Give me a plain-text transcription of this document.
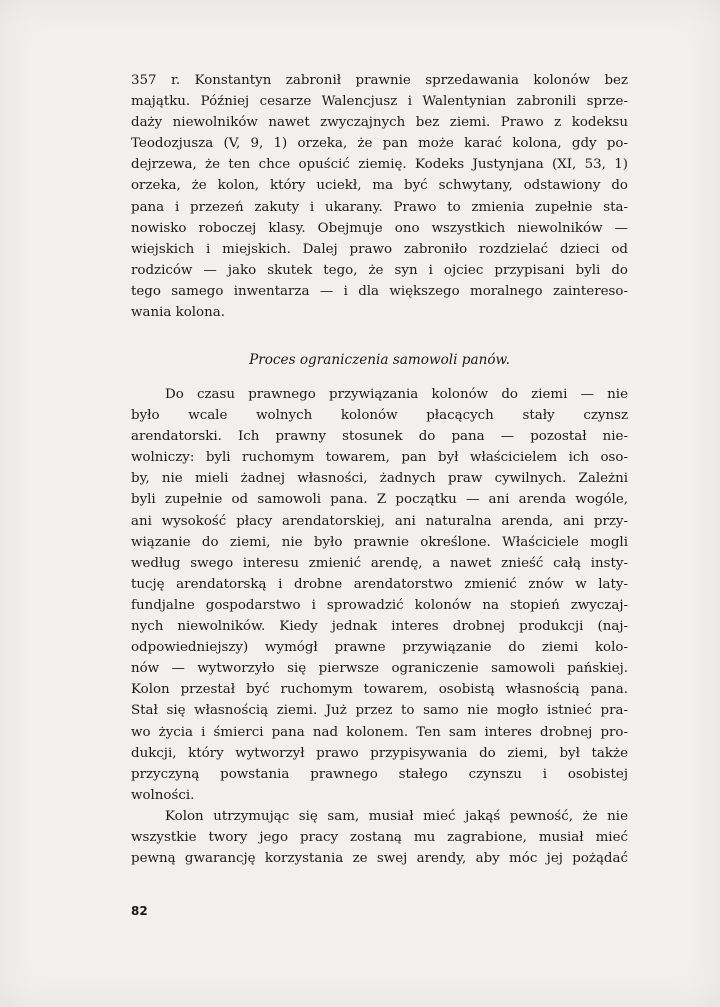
357 r. Konstantyn zabronił prawnie sprzedawania kolonów bez
majątku. Później cesarze Walencjusz i Walentynian zabronili sprze-
daży niewolników nawet zwyczajnych bez ziemi. Prawo z kodeksu
Teodozjusza (V, 9, 1) orzeka, że pan może karać kolona, gdy po-
dejrzewa, że ten chce opuścić ziemię. Kodeks Justynjana (XI, 53, 1)
orzeka, że kolon, który uciekł, ma być schwytany, odstawiony do
pana i przezeń zakuty i ukarany. Prawo to zmienia zupełnie sta-
nowisko roboczej klasy. Obejmuje ono wszystkich niewolników —
wiejskich i miejskich. Dalej prawo zabroniło rozdzielać dzieci od
rodziców — jako skutek tego, że syn i ojciec przypisani byli do
tego samego inwentarza — i dla większego moralnego zaintereso-
wania kolona.
Proces ograniczenia samowoli panów.
Do czasu prawnego przywiązania kolonów do ziemi — nie
było wcale wolnych kolonów płacących stały czynsz
arendatorski. Ich prawny stosunek do pana — pozostał nie-
wolniczy: byli ruchomym towarem, pan był właścicielem ich oso-
by, nie mieli żadnej własności, żadnych praw cywilnych. Zależni
byli zupełnie od samowoli pana. Z początku — ani arenda wogóle,
ani wysokość płacy arendatorskiej, ani naturalna arenda, ani przy-
wiązanie do ziemi, nie było prawnie określone. Właściciele mogli
według swego interesu zmienić arendę, a nawet znieść całą insty-
tucję arendatorską i drobne arendatorstwo zmienić znów w laty-
fundjalne gospodarstwo i sprowadzić kolonów na stopień zwyczaj-
nych niewolników. Kiedy jednak interes drobnej produkcji (naj-
odpowiedniejszy) wymógł prawne przywiązanie do ziemi kolo-
nów — wytworzyło się pierwsze ograniczenie samowoli pańskiej.
Kolon przestał być ruchomym towarem, osobistą własnością pana.
Stał się własnością ziemi. Już przez to samo nie mogło istnieć pra-
wo życia i śmierci pana nad kolonem. Ten sam interes drobnej pro-
dukcji, który wytworzył prawo przypisywania do ziemi, był także
przyczyną powstania prawnego stałego czynszu i osobistej
wolności.
Kolon utrzymując się sam, musiał mieć jakąś pewność, że nie
wszystkie twory jego pracy zostaną mu zagrabione, musiał mieć
pewną gwarancję korzystania ze swej arendy, aby móc jej pożądać
82
